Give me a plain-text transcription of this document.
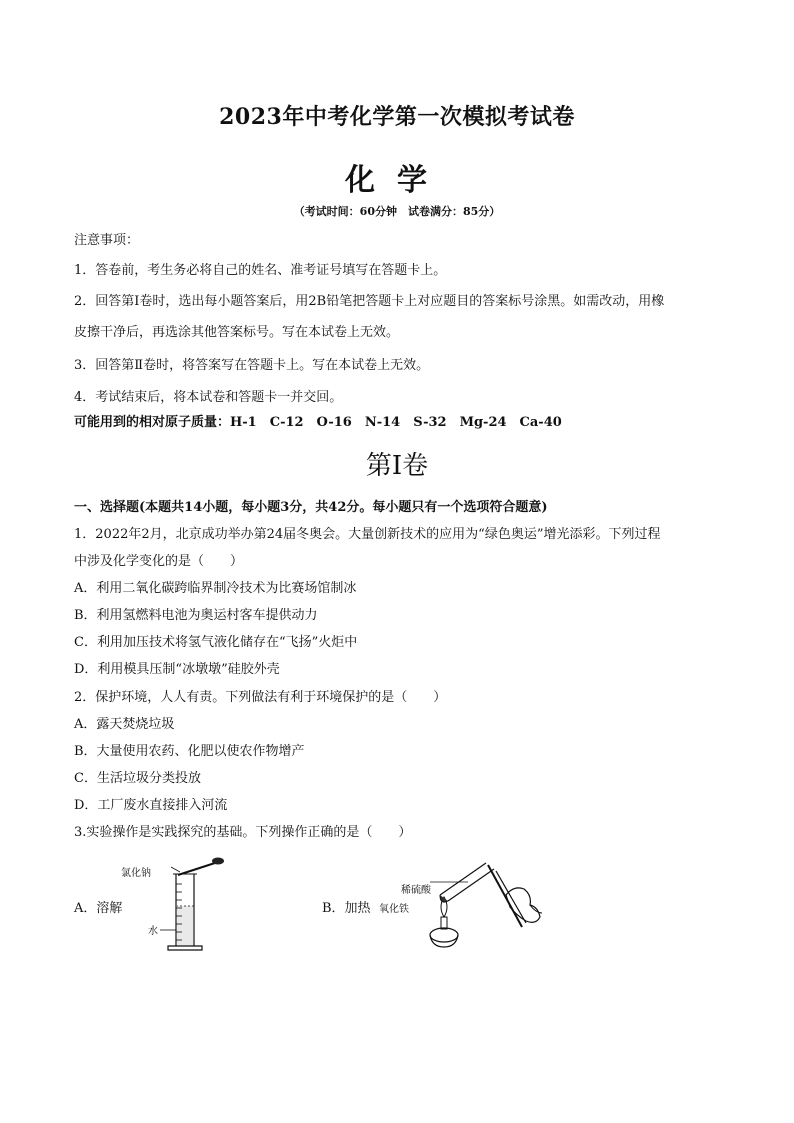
2023年中考化学第一次模拟考试卷
化学
（考试时间：60分钟　试卷满分：85分）
注意事项：
1．答卷前，考生务必将自己的姓名、准考证号填写在答题卡上。
2．回答第Ⅰ卷时，选出每小题答案后，用2B铅笔把答题卡上对应题目的答案标号涂黑。如需改动，用橡
皮擦干净后，再选涂其他答案标号。写在本试卷上无效。
3．回答第Ⅱ卷时，将答案写在答题卡上。写在本试卷上无效。
4．考试结束后，将本试卷和答题卡一并交回。
可能用到的相对原子质量：H-1　C-12　O-16　N-14　S-32　Mg-24　Ca-40
第Ⅰ卷
一、选择题(本题共14小题，每小题3分，共42分。每小题只有一个选项符合题意)
1．2022年2月，北京成功举办第24届冬奥会。大量创新技术的应用为“绿色奥运”增光添彩。下列过程
中涉及化学变化的是（　　）
A．利用二氧化碳跨临界制冷技术为比赛场馆制冰
B．利用氢燃料电池为奥运村客车提供动力
C．利用加压技术将氢气液化储存在“飞扬”火炬中
D．利用模具压制“冰墩墩”硅胶外壳
2．保护环境，人人有责。下列做法有利于环境保护的是（　　）
A．露天焚烧垃圾
B．大量使用农药、化肥以使农作物增产
C．生活垃圾分类投放
D．工厂废水直接排入河流
3.实验操作是实践探究的基础。下列操作正确的是（　　）
A．溶解
氯化钠
水
B．加热
稀硫酸
氧化铁
